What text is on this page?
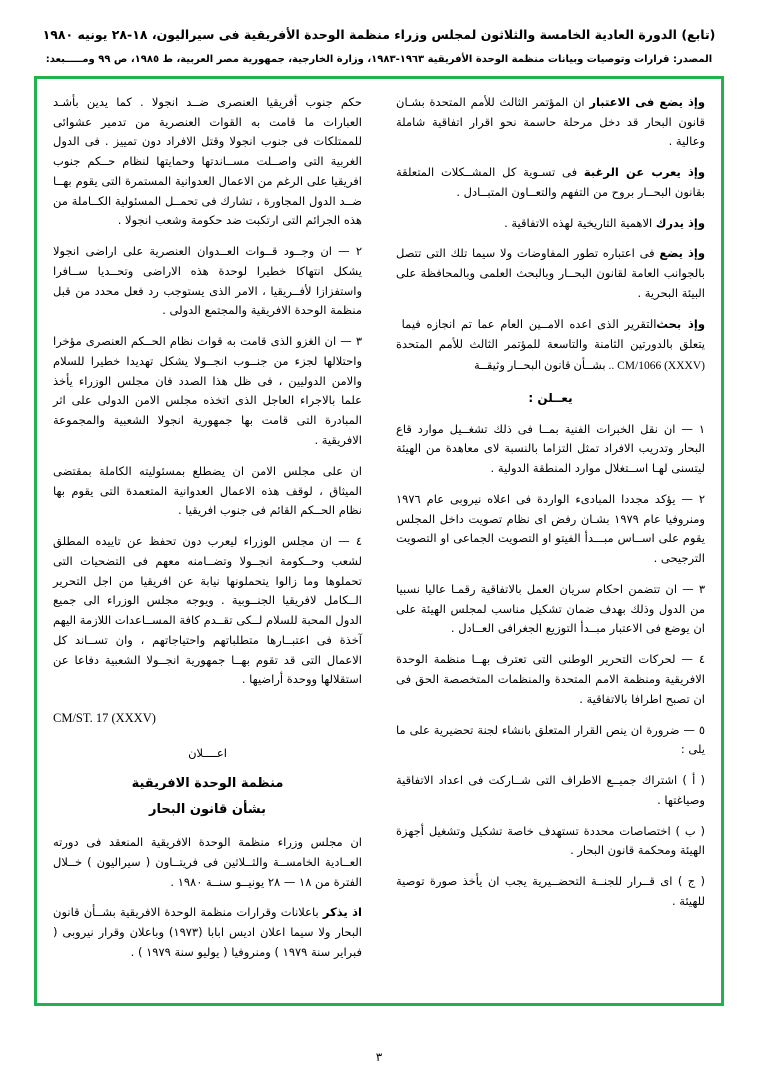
(تابع) الدورة العادية الخامسة والثلاثون لمجلس وزراء منظمة الوحدة الأفريقية فى سيراليون، ١٨-٢٨ يونيه ١٩٨٠
المصدر: قرارات وتوصيات وبيانات منظمة الوحدة الأفريقية ١٩٦٣-١٩٨٣، وزارة الخارجية، جمهورية مصر العربية، ط ١٩٨٥، ص ٩٩ ومـــــبعد:

وإذ يضع فى الاعتبار ان المؤتمر الثالث للأمم المتحدة بشـان قانون البحار قد دخل مرحلة حاسمة نحو اقرار اتفاقية شاملة وعالية .

وإذ يعرب عن الرغبة فى تسـوية كل المشــكلات المتعلقة بقانون البحــار بروح من التفهم والتعــاون المتبــادل .

وإذ يدرك الاهمية التاريخية لهذه الاتفاقية .

وإذ يضع فى اعتباره تطور المفاوضات ولا سيما تلك التى تتصل بالجوانب العامة لقانون البحــار وبالبحث العلمى وبالمحافظة على البيئة البحرية .

وإذ بحث التقرير الذى اعده الامــين العام عما تم انجازه فيما يتعلق بالدورتين الثامنة والتاسعة للمؤتمر الثالث للأمم المتحدة بشــأن قانون البحــار وثيقــة .. CM/1066 (XXXV)

يعــلن :

١ — ان نقل الخبرات الفنية بمــا فى ذلك تشغــيل موارد قاع البحار وتدريب الافراد تمثل التزاما بالنسبة لاى معاهدة من الهيئة ليتسنى لهـا اســتغلال موارد المنطقة الدولية .

٢ — يؤكد مجددا المبادىء الواردة فى اعلاه نيروبى عام ١٩٧٦ ومنروفيا عام ١٩٧٩ بشـان رفض اى نظام تصويت داخل المجلس يقوم على اســاس مبـــدأ الفيتو او التصويت الجماعى او التصويت الترجيحى .

٣ — ان تتضمن احكام سريان العمل بالاتفاقية رقمـا عاليا نسبيا من الدول وذلك بهدف ضمان تشكيل مناسب لمجلس الهيئة على ان يوضع فى الاعتبار مبــدأ التوزيع الجغرافى العــادل .

٤ — لحركات التحرير الوطنى التى تعترف بهــا منظمة الوحدة الافريقية ومنظمة الامم المتحدة والمنظمات المتخصصة الحق فى ان تصبح اطرافا بالاتفاقية .

٥ — ضرورة ان ينص القرار المتعلق بانشاء لجنة تحضيرية على ما يلى :

( أ ) اشتراك جميــع الاطراف التى شــاركت فى اعداد الاتفاقية وصياغتها .

( ب ) اختصاصات محددة تستهدف خاصة تشكيل وتشغيل أجهزة الهيئة ومحكمة قانون البحار .

( ج ) اى قــرار للجنــة التحضــيرية يجب ان يأخذ صورة توصية للهيئة .

حكم جنوب أفريقيا العنصرى ضــد انجولا . كما يدين بأشـد العبارات ما قامت به القوات العنصرية من تدمير عشوائى للممتلكات فى جنوب انجولا وقتل الافراد دون تمييز . فى الدول الغربية التى واصــلت مســاندتها وحمايتها لنظام حــكم جنوب افريقيا على الرغم من الاعمال العدوانية المستمرة التى يقوم بهــا ضــد الدول المجاورة ، تشارك فى تحمــل المسئولية الكــاملة من هذه الجرائم التى ارتكبت ضد حكومة وشعب انجولا .

٢ — ان وجــود قــوات العــدوان العنصرية على اراضى انجولا يشكل انتهاكا خطيرا لوحدة هذه الاراضى وتحــديا ســافرا واستفزازا لأفــريقيا ، الامر الذى يستوجب رد فعل محدد من قبل منظمة الوحدة الافريقية والمجتمع الدولى .

٣ — ان الغزو الذى قامت به قوات نظام الحــكم العنصرى مؤخرا واحتلالها لجزء من جنــوب انجــولا يشكل تهديدا خطيرا للسلام والامن الدوليين ، فى ظل هذا الصدد فان مجلس الوزراء يأخذ علما بالاجراء العاجل الذى اتخذه مجلس الامن الدولى على اثر المبادرة التى قامت بها جمهورية انجولا الشعبية والمجموعة الافريقية .

ان على مجلس الامن ان يضطلع بمسئوليته الكاملة بمقتضى الميثاق ، لوقف هذه الاعمال العدوانية المتعمدة التى يقوم بها نظام الحــكم القائم فى جنوب افريقيا .

٤ — ان مجلس الوزراء ليعرب دون تحفظ عن تاييده المطلق لشعب وحــكومة انجــولا وتضــامنه معهم فى التضحيات التى تحملوها وما زالوا يتحملونها نيابة عن افريقيا من اجل التحرير الــكامل لافريقيا الجنــوبية . ويوجه مجلس الوزراء الى جميع الدول المحبة للسلام لــكى تقــدم كافة المســاعدات اللازمة اليهم آخذة فى اعتبــارها متطلباتهم واحتياجاتهم ، وان تســاند كل الاعمال التى قد تقوم بهــا جمهورية انجــولا الشعبية دفاعا عن استقلالها ووحدة أراضيها .

CM/ST. 17 (XXXV)

اعــــلان

منظمة الوحدة الافريقية

بشأن قانون البحار

ان مجلس وزراء منظمة الوحدة الافريقية المنعقد فى دورته العــادية الخامســة والثــلاثين فى فريتــاون ( سيراليون ) خــلال الفترة من ١٨ — ٢٨ يونيــو سنــة ١٩٨٠ .

اذ يذكر باعلانات وقرارات منظمة الوحدة الافريقية بشــأن قانون البحار ولا سيما اعلان اديس ابابا (١٩٧٣) وباعلان وقرار نيروبى ( فبراير سنة ١٩٧٩ ) ومنروفيا ( يوليو سنة ١٩٧٩ ) .

٣
